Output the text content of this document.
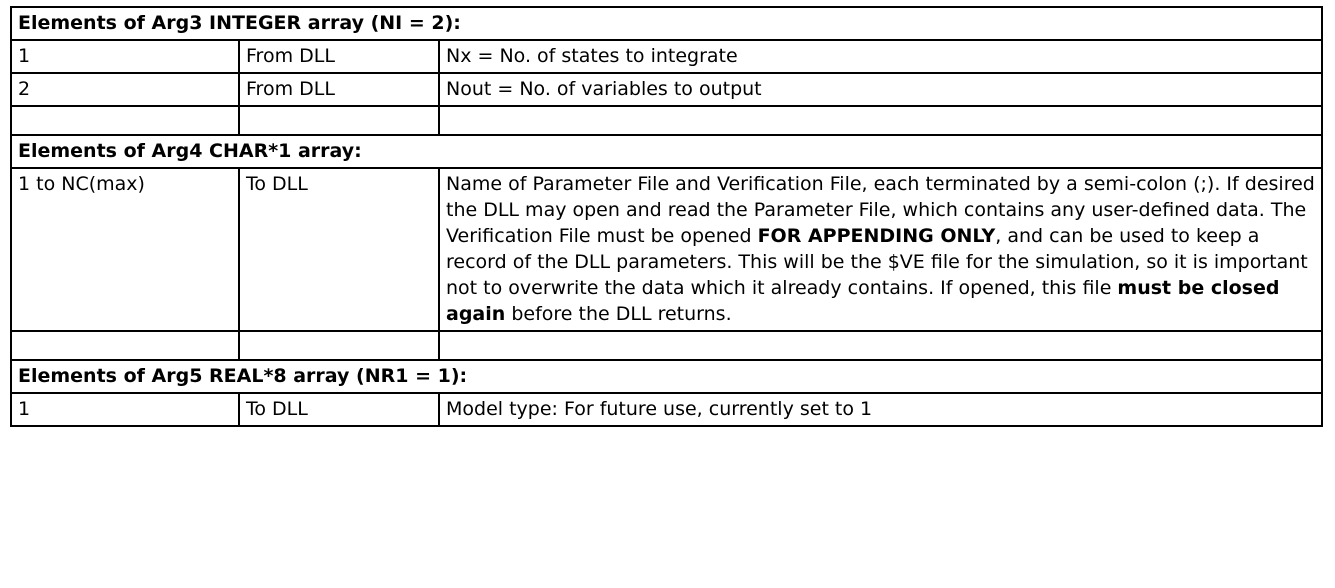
Elements of Arg3 INTEGER array (NI = 2):		
1	From DLL	Nx = No. of states to integrate
2	From DLL	Nout = No. of variables to output

Elements of Arg4 CHAR*1 array:		
1 to NC(max)	To DLL	Name of Parameter File and Verification File, each terminated by a semi-colon (;). If desired the DLL may open and read the Parameter File, which contains any user-defined data. The Verification File must be opened FOR APPENDING ONLY, and can be used to keep a record of the DLL parameters. This will be the $VE file for the simulation, so it is important not to overwrite the data which it already contains. If opened, this file must be closed again before the DLL returns.

Elements of Arg5 REAL*8 array (NR1 = 1):		
1	To DLL	Model type: For future use, currently set to 1
